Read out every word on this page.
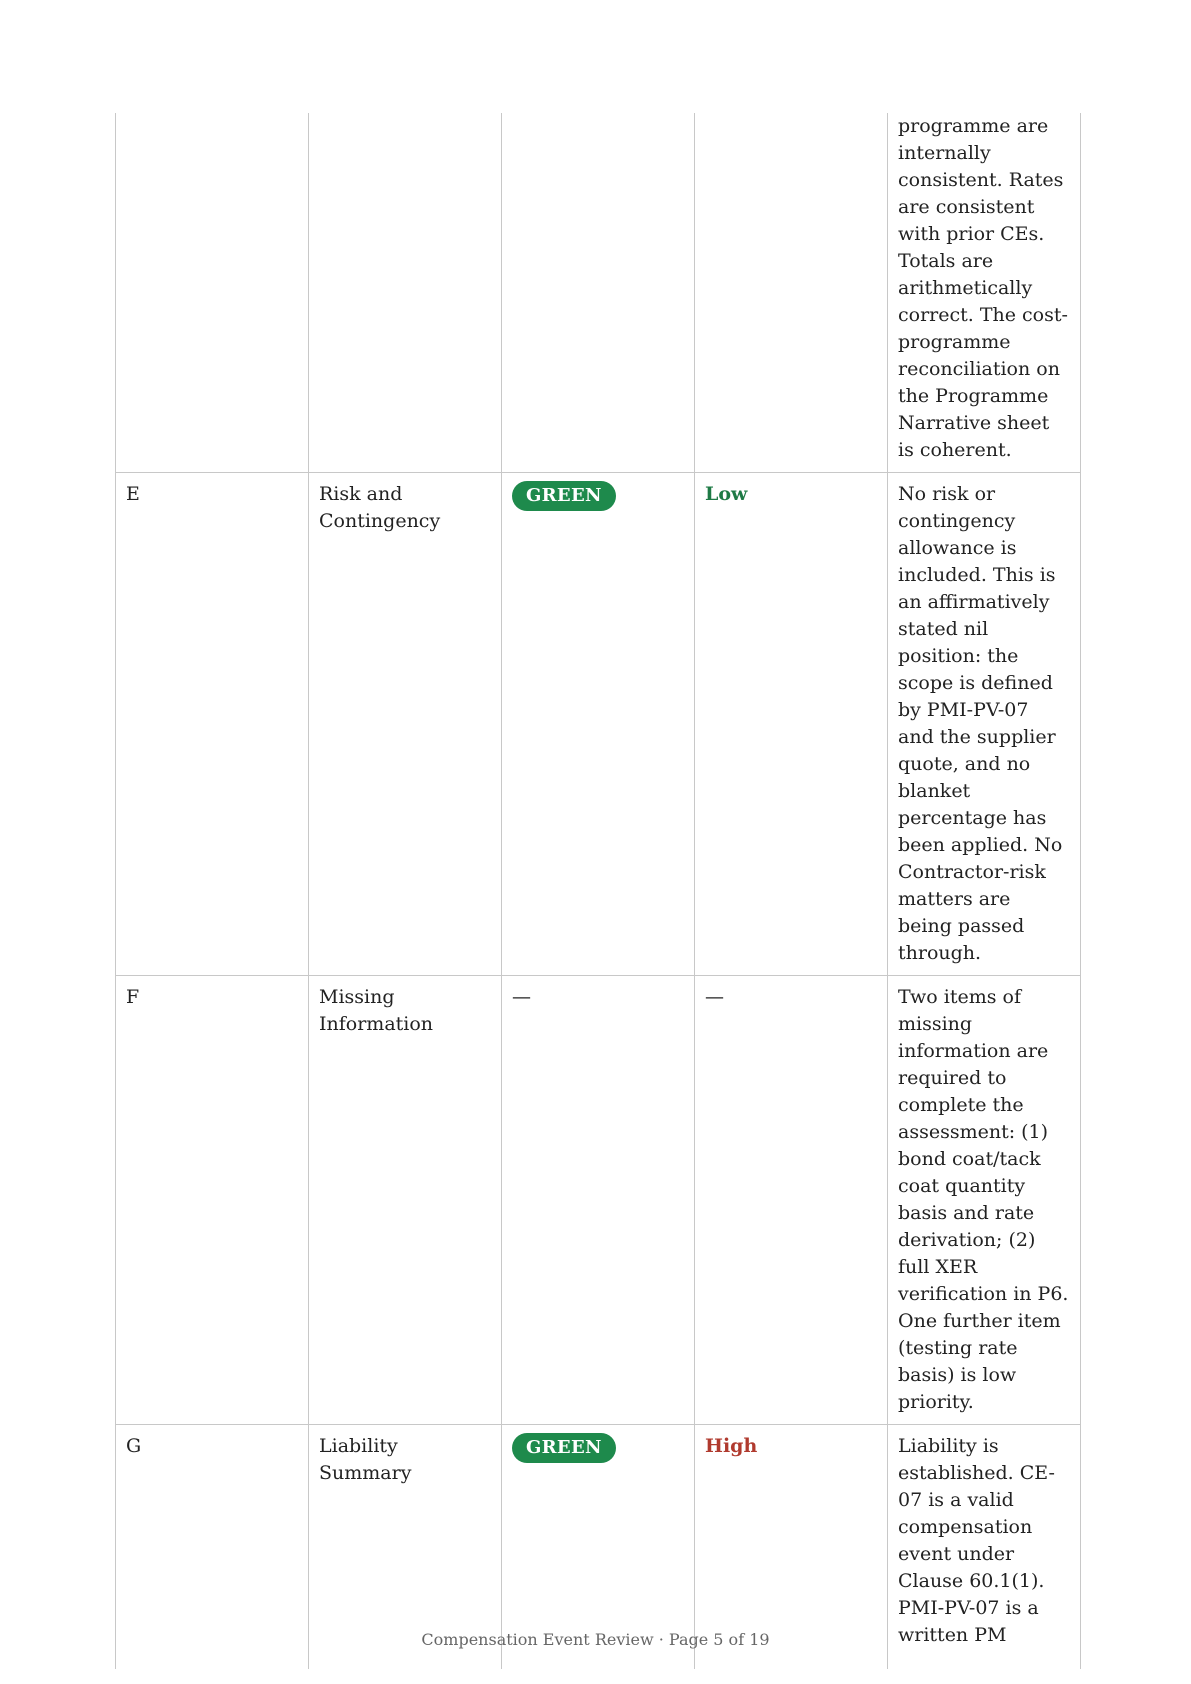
				programme are internally consistent. Rates are consistent with prior CEs. Totals are arithmetically correct. The cost-programme reconciliation on the Programme Narrative sheet is coherent.
E	Risk and Contingency	GREEN	Low	No risk or contingency allowance is included. This is an affirmatively stated nil position: the scope is defined by PMI-PV-07 and the supplier quote, and no blanket percentage has been applied. No Contractor-risk matters are being passed through.
F	Missing Information	—	—	Two items of missing information are required to complete the assessment: (1) bond coat/tack coat quantity basis and rate derivation; (2) full XER verification in P6. One further item (testing rate basis) is low priority.
G	Liability Summary	GREEN	High	Liability is established. CE-07 is a valid compensation event under Clause 60.1(1). PMI-PV-07 is a written PM
Compensation Event Review · Page 5 of 19
